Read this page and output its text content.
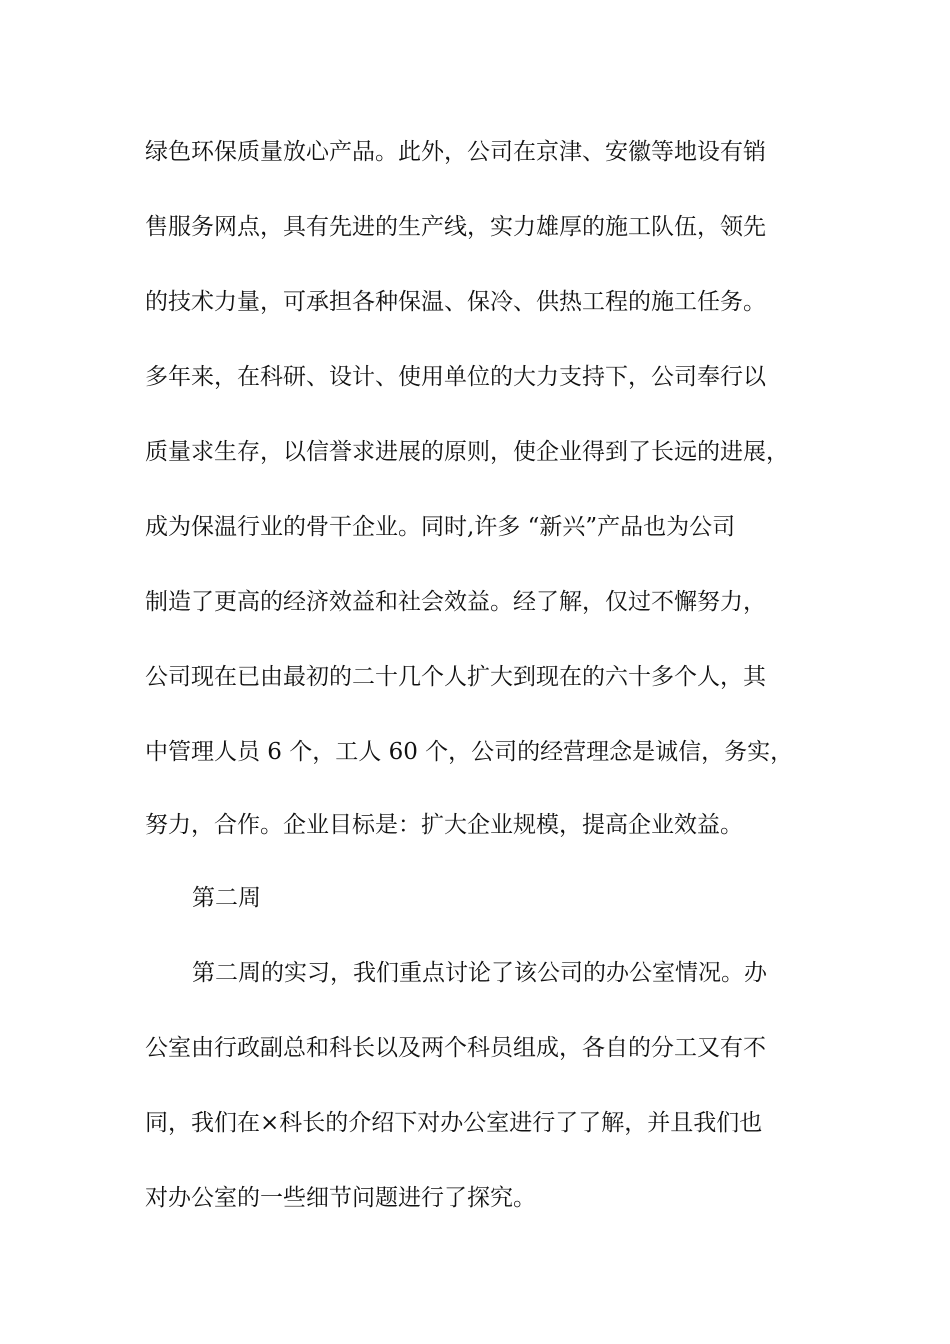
绿色环保质量放心产品。此外，公司在京津、安徽等地设有销

售服务网点，具有先进的生产线，实力雄厚的施工队伍，领先

的技术力量，可承担各种保温、保冷、供热工程的施工任务。

多年来，在科研、设计、使用单位的大力支持下，公司奉行以

质量求生存，以信誉求进展的原则，使企业得到了长远的进展，

成为保温行业的骨干企业。同时,许多 “新兴”产品也为公司

制造了更高的经济效益和社会效益。经了解，仅过不懈努力，

公司现在已由最初的二十几个人扩大到现在的六十多个人，其

中管理人员 6 个，工人 60 个，公司的经营理念是诚信，务实，

努力，合作。企业目标是：扩大企业规模，提高企业效益。

第二周

第二周的实习，我们重点讨论了该公司的办公室情况。办

公室由行政副总和科长以及两个科员组成，各自的分工又有不

同，我们在×科长的介绍下对办公室进行了了解，并且我们也

对办公室的一些细节问题进行了探究。
